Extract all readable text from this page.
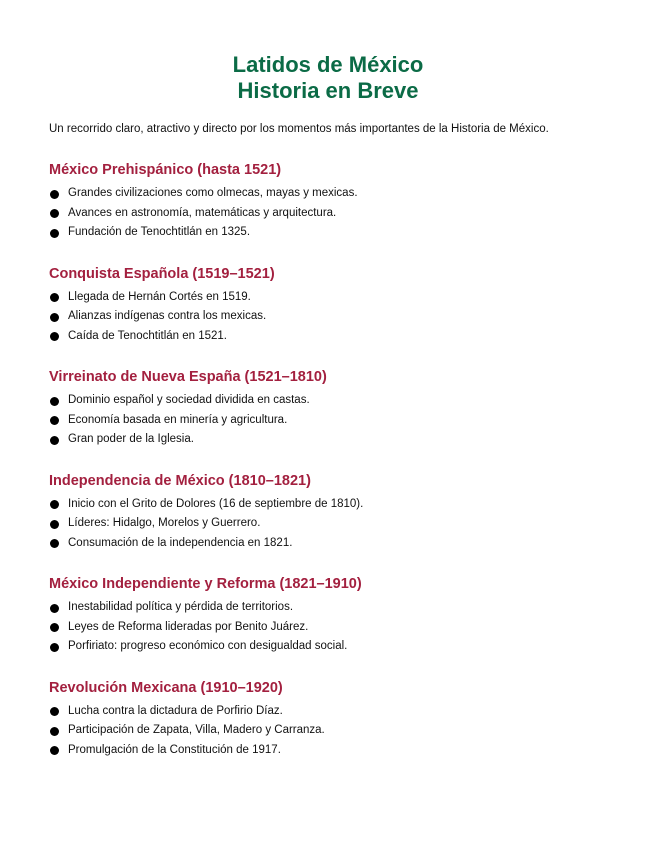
Latidos de México
Historia en Breve

Un recorrido claro, atractivo y directo por los momentos más importantes de la Historia de México.

México Prehispánico (hasta 1521)
Grandes civilizaciones como olmecas, mayas y mexicas.
Avances en astronomía, matemáticas y arquitectura.
Fundación de Tenochtitlán en 1325.
Conquista Española (1519–1521)
Llegada de Hernán Cortés en 1519.
Alianzas indígenas contra los mexicas.
Caída de Tenochtitlán en 1521.
Virreinato de Nueva España (1521–1810)
Dominio español y sociedad dividida en castas.
Economía basada en minería y agricultura.
Gran poder de la Iglesia.
Independencia de México (1810–1821)
Inicio con el Grito de Dolores (16 de septiembre de 1810).
Líderes: Hidalgo, Morelos y Guerrero.
Consumación de la independencia en 1821.
México Independiente y Reforma (1821–1910)
Inestabilidad política y pérdida de territorios.
Leyes de Reforma lideradas por Benito Juárez.
Porfiriato: progreso económico con desigualdad social.
Revolución Mexicana (1910–1920)
Lucha contra la dictadura de Porfirio Díaz.
Participación de Zapata, Villa, Madero y Carranza.
Promulgación de la Constitución de 1917.
